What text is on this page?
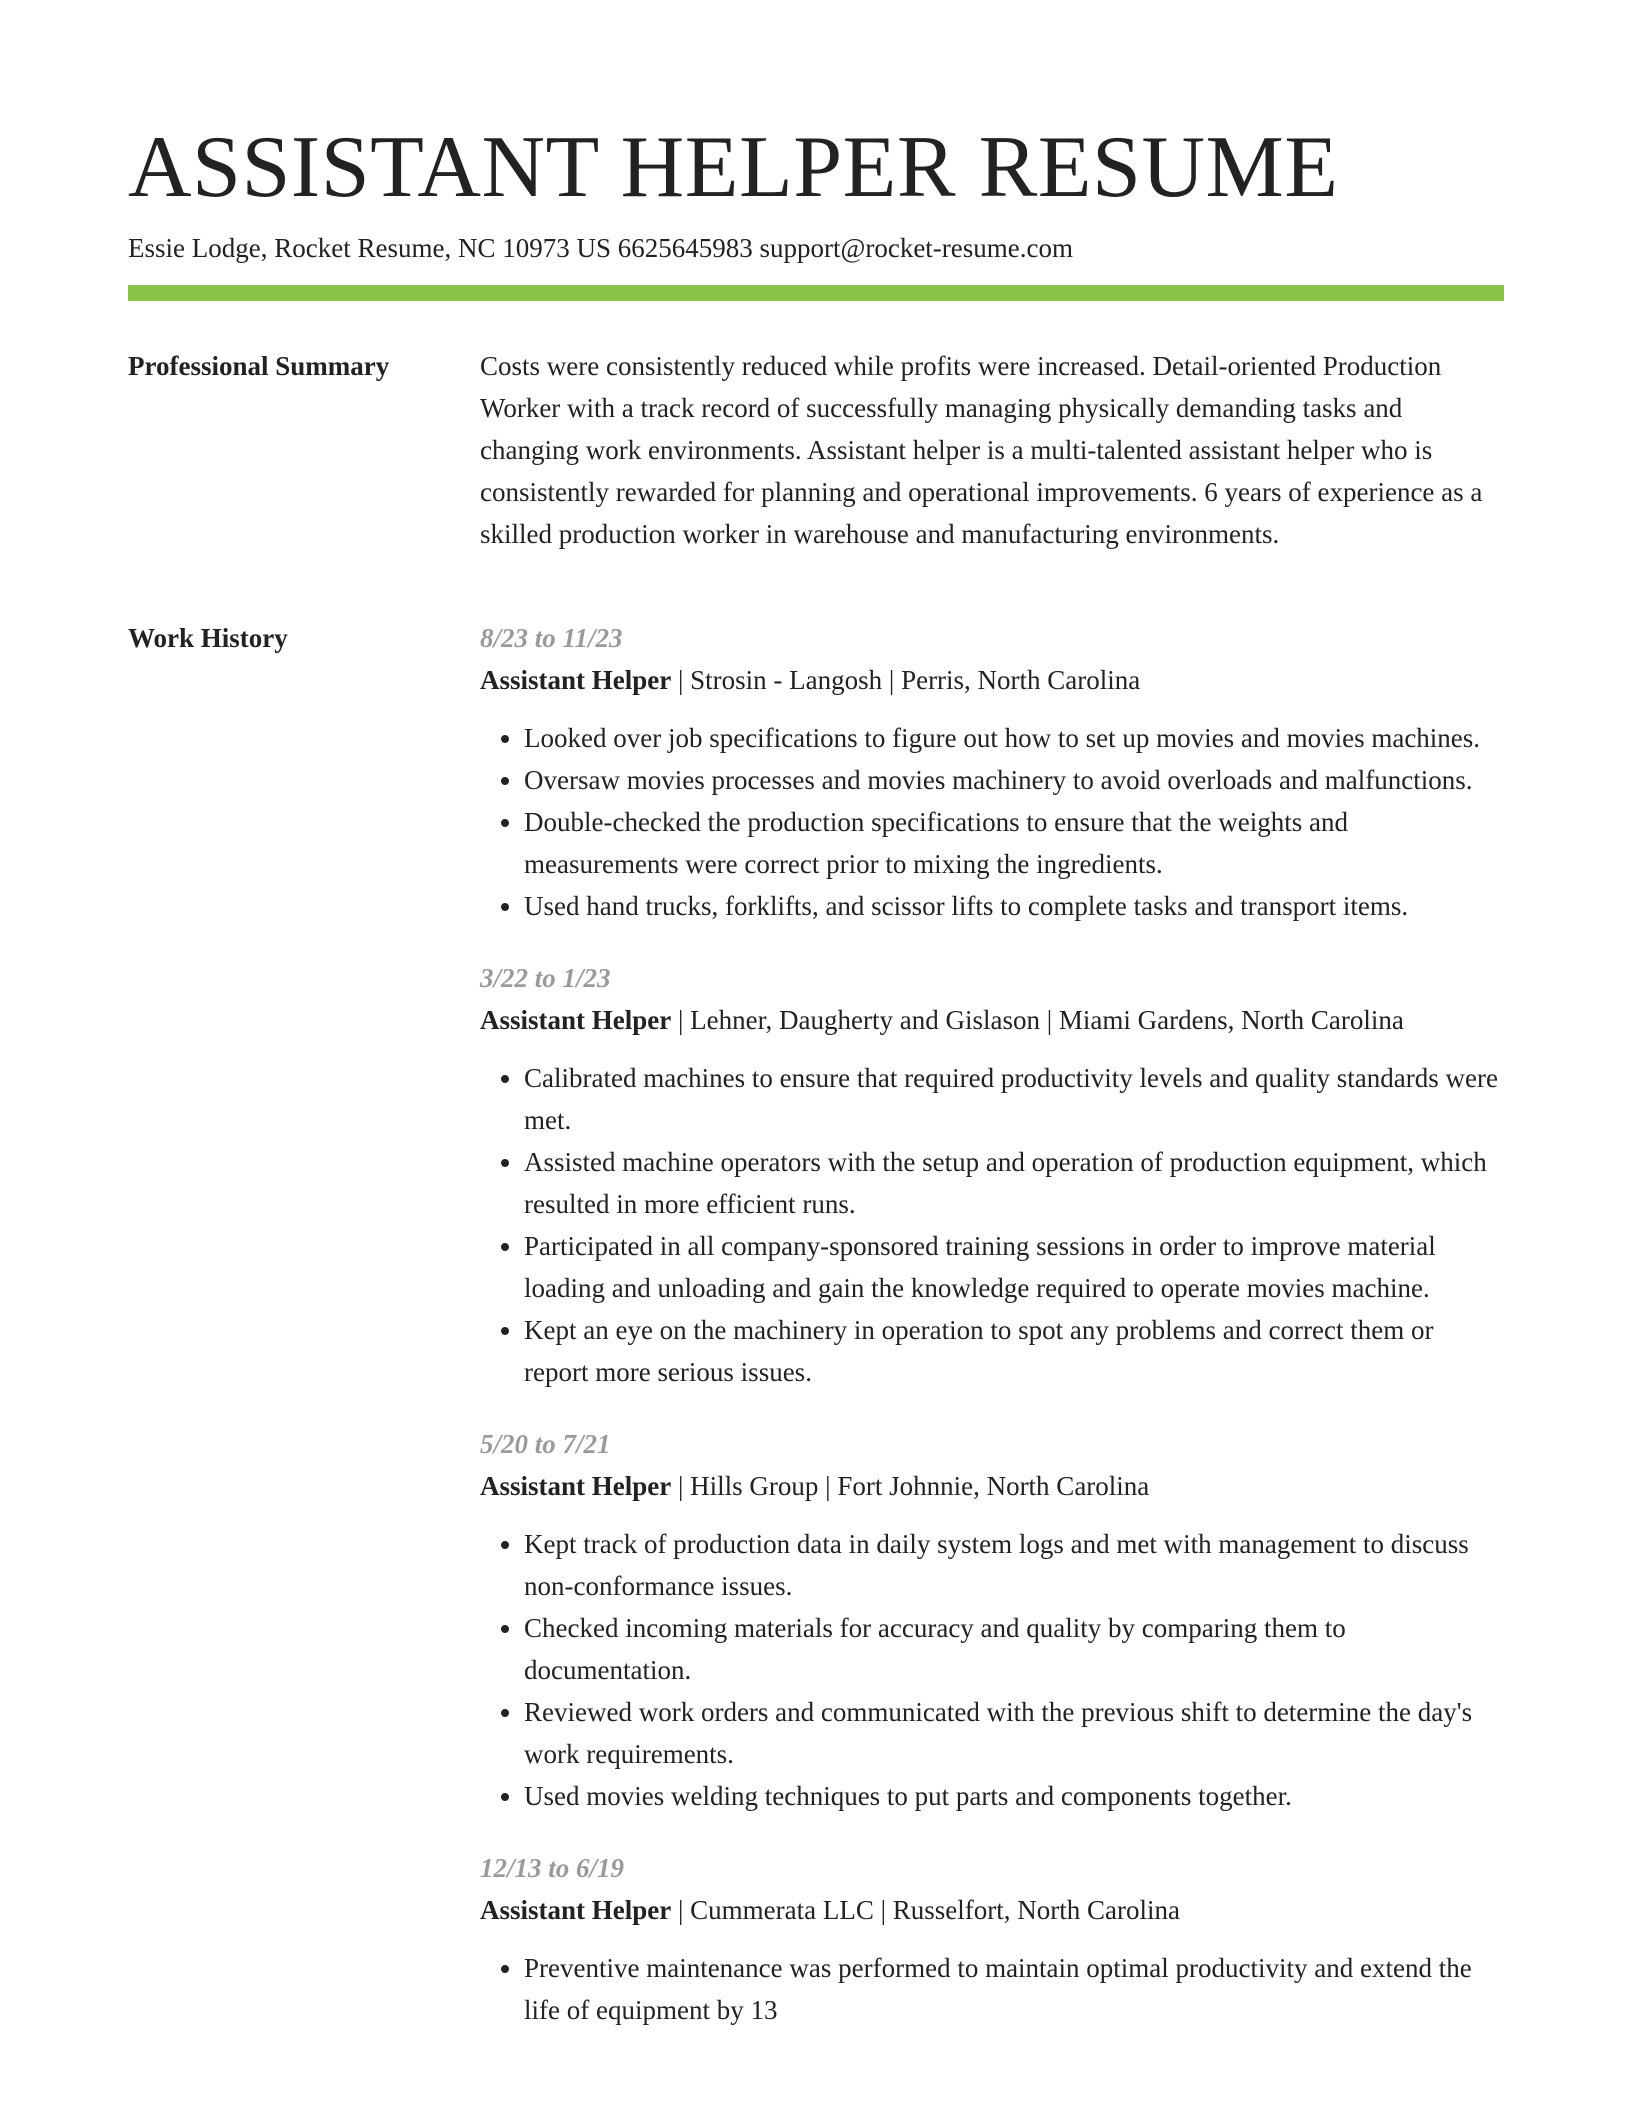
ASSISTANT HELPER RESUME
Essie Lodge, Rocket Resume, NC 10973 US 6625645983 support@rocket-resume.com
Professional Summary	Costs were consistently reduced while profits were increased. Detail-oriented Production Worker with a track record of successfully managing physically demanding tasks and changing work environments. Assistant helper is a multi-talented assistant helper who is consistently rewarded for planning and operational improvements. 6 years of experience as a skilled production worker in warehouse and manufacturing environments.

Work History	8/23 to 11/23
Assistant Helper | Strosin - Langosh | Perris, North Carolina
• Looked over job specifications to figure out how to set up movies and movies machines.
• Oversaw movies processes and movies machinery to avoid overloads and malfunctions.
• Double-checked the production specifications to ensure that the weights and measurements were correct prior to mixing the ingredients.
• Used hand trucks, forklifts, and scissor lifts to complete tasks and transport items.
3/22 to 1/23
Assistant Helper | Lehner, Daugherty and Gislason | Miami Gardens, North Carolina
• Calibrated machines to ensure that required productivity levels and quality standards were met.
• Assisted machine operators with the setup and operation of production equipment, which resulted in more efficient runs.
• Participated in all company-sponsored training sessions in order to improve material loading and unloading and gain the knowledge required to operate movies machine.
• Kept an eye on the machinery in operation to spot any problems and correct them or report more serious issues.
5/20 to 7/21
Assistant Helper | Hills Group | Fort Johnnie, North Carolina
• Kept track of production data in daily system logs and met with management to discuss non-conformance issues.
• Checked incoming materials for accuracy and quality by comparing them to documentation.
• Reviewed work orders and communicated with the previous shift to determine the day's work requirements.
• Used movies welding techniques to put parts and components together.
12/13 to 6/19
Assistant Helper | Cummerata LLC | Russelfort, North Carolina
• Preventive maintenance was performed to maintain optimal productivity and extend the life of equipment by 13
